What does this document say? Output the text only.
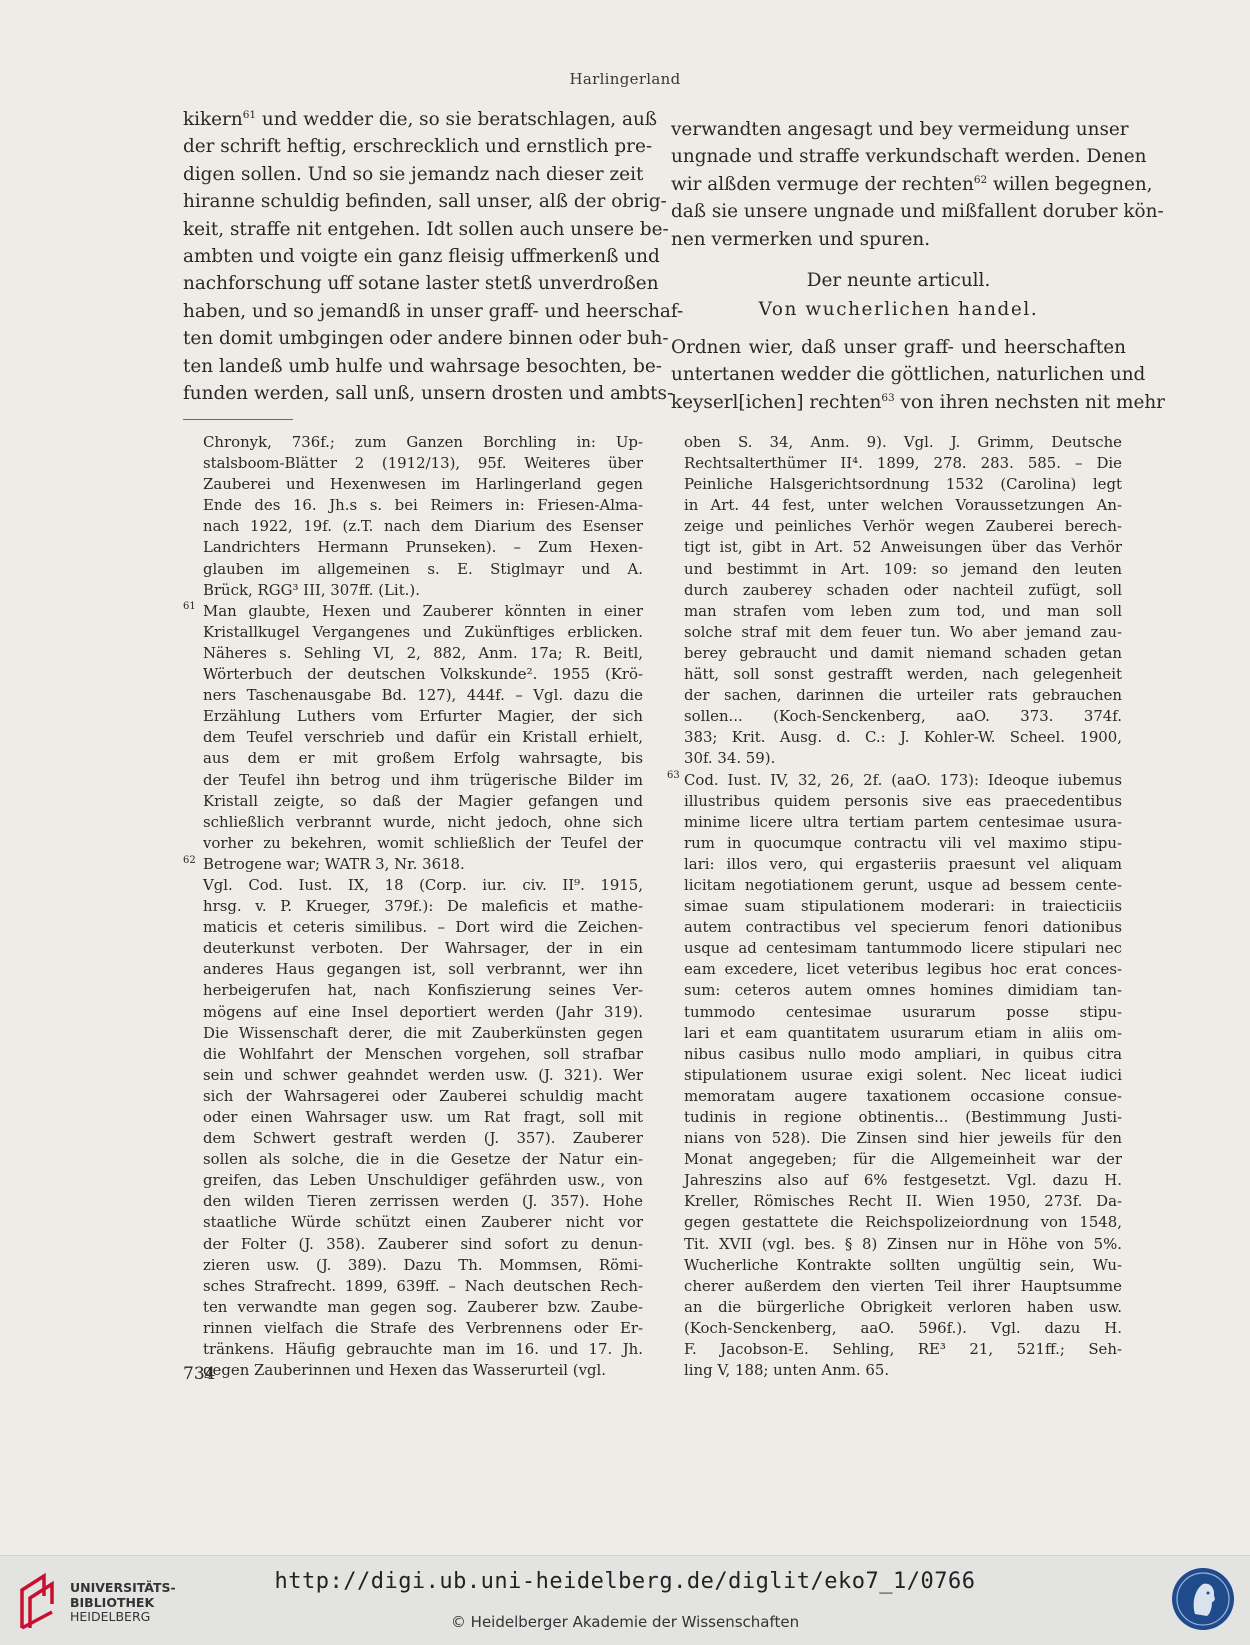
Harlingerland
kikern$^{61}$ und wedder die, so sie beratschlagen, auß
der schrift heftig, erschrecklich und ernstlich pre-
digen sollen. Und so sie jemandz nach dieser zeit
hiranne schuldig befinden, sall unser, alß der obrig-
keit, straffe nit entgehen. Idt sollen auch unsere be-
ambten und voigte ein ganz fleisig uffmerkenß und
nachforschung uff sotane laster stetß unverdroßen
haben, und so jemandß in unser graff- und heerschaf-
ten domit umbgingen oder andere binnen oder buh-
ten landeß umb hulfe und wahrsage besochten, be-
funden werden, sall unß, unsern drosten und ambts-
verwandten angesagt und bey vermeidung unser
ungnade und straffe verkundschaft werden. Denen
wir alßden vermuge der rechten$^{62}$ willen begegnen,
daß sie unsere ungnade und mißfallent doruber kön-
nen vermerken und spuren.
Der neunte articull.
Von wucherlichen handel.
Ordnen wier, daß unser graff- und heerschaften
untertanen wedder die göttlichen, naturlichen und
keyserl[ichen] rechten$^{63}$ von ihren nechsten nit mehr
Chronyk, 736f.; zum Ganzen Borchling in: Up-
stalsboom-Blätter 2 (1912/13), 95f. Weiteres über
Zauberei und Hexenwesen im Harlingerland gegen
Ende des 16. Jh.s s. bei Reimers in: Friesen-Alma-
nach 1922, 19f. (z.T. nach dem Diarium des Esenser
Landrichters Hermann Prunseken). – Zum Hexen-
glauben im allgemeinen s. E. Stiglmayr und A.
Brück, RGG³ III, 307ff. (Lit.).
Man glaubte, Hexen und Zauberer könnten in einer
Kristallkugel Vergangenes und Zukünftiges erblicken.
Näheres s. Sehling VI, 2, 882, Anm. 17a; R. Beitl,
Wörterbuch der deutschen Volkskunde². 1955 (Krö-
ners Taschenausgabe Bd. 127), 444f. – Vgl. dazu die
Erzählung Luthers vom Erfurter Magier, der sich
dem Teufel verschrieb und dafür ein Kristall erhielt,
aus dem er mit großem Erfolg wahrsagte, bis
der Teufel ihn betrog und ihm trügerische Bilder im
Kristall zeigte, so daß der Magier gefangen und
schließlich verbrannt wurde, nicht jedoch, ohne sich
vorher zu bekehren, womit schließlich der Teufel der
Betrogene war; WATR 3, Nr. 3618.
Vgl. Cod. Iust. IX, 18 (Corp. iur. civ. II⁹. 1915,
hrsg. v. P. Krueger, 379f.): De maleficis et mathe-
maticis et ceteris similibus. – Dort wird die Zeichen-
deuterkunst verboten. Der Wahrsager, der in ein
anderes Haus gegangen ist, soll verbrannt, wer ihn
herbeigerufen hat, nach Konfiszierung seines Ver-
mögens auf eine Insel deportiert werden (Jahr 319).
Die Wissenschaft derer, die mit Zauberkünsten gegen
die Wohlfahrt der Menschen vorgehen, soll strafbar
sein und schwer geahndet werden usw. (J. 321). Wer
sich der Wahrsagerei oder Zauberei schuldig macht
oder einen Wahrsager usw. um Rat fragt, soll mit
dem Schwert gestraft werden (J. 357). Zauberer
sollen als solche, die in die Gesetze der Natur ein-
greifen, das Leben Unschuldiger gefährden usw., von
den wilden Tieren zerrissen werden (J. 357). Hohe
staatliche Würde schützt einen Zauberer nicht vor
der Folter (J. 358). Zauberer sind sofort zu denun-
zieren usw. (J. 389). Dazu Th. Mommsen, Römi-
sches Strafrecht. 1899, 639ff. – Nach deutschen Rech-
ten verwandte man gegen sog. Zauberer bzw. Zaube-
rinnen vielfach die Strafe des Verbrennens oder Er-
tränkens. Häufig gebrauchte man im 16. und 17. Jh.
gegen Zauberinnen und Hexen das Wasserurteil (vgl.
oben S. 34, Anm. 9). Vgl. J. Grimm, Deutsche
Rechtsalterthümer II⁴. 1899, 278. 283. 585. – Die
Peinliche Halsgerichtsordnung 1532 (Carolina) legt
in Art. 44 fest, unter welchen Voraussetzungen An-
zeige und peinliches Verhör wegen Zauberei berech-
tigt ist, gibt in Art. 52 Anweisungen über das Verhör
und bestimmt in Art. 109: so jemand den leuten
durch zauberey schaden oder nachteil zufügt, soll
man strafen vom leben zum tod, und man soll
solche straf mit dem feuer tun. Wo aber jemand zau-
berey gebraucht und damit niemand schaden getan
hätt, soll sonst gestrafft werden, nach gelegenheit
der sachen, darinnen die urteiler rats gebrauchen
sollen... (Koch-Senckenberg, aaO. 373. 374f.
383; Krit. Ausg. d. C.: J. Kohler-W. Scheel. 1900,
30f. 34. 59).
Cod. Iust. IV, 32, 26, 2f. (aaO. 173): Ideoque iubemus
illustribus quidem personis sive eas praecedentibus
minime licere ultra tertiam partem centesimae usura-
rum in quocumque contractu vili vel maximo stipu-
lari: illos vero, qui ergasteriis praesunt vel aliquam
licitam negotiationem gerunt, usque ad bessem cente-
simae suam stipulationem moderari: in traiecticiis
autem contractibus vel specierum fenori dationibus
usque ad centesimam tantummodo licere stipulari nec
eam excedere, licet veteribus legibus hoc erat conces-
sum: ceteros autem omnes homines dimidiam tan-
tummodo centesimae usurarum posse stipu-
lari et eam quantitatem usurarum etiam in aliis om-
nibus casibus nullo modo ampliari, in quibus citra
stipulationem usurae exigi solent. Nec liceat iudici
memoratam augere taxationem occasione consue-
tudinis in regione obtinentis... (Bestimmung Justi-
nians von 528). Die Zinsen sind hier jeweils für den
Monat angegeben; für die Allgemeinheit war der
Jahreszins also auf 6% festgesetzt. Vgl. dazu H.
Kreller, Römisches Recht II. Wien 1950, 273f. Da-
gegen gestattete die Reichspolizeiordnung von 1548,
Tit. XVII (vgl. bes. § 8) Zinsen nur in Höhe von 5%.
Wucherliche Kontrakte sollten ungültig sein, Wu-
cherer außerdem den vierten Teil ihrer Hauptsumme
an die bürgerliche Obrigkeit verloren haben usw.
(Koch-Senckenberg, aaO. 596f.). Vgl. dazu H.
F. Jacobson-E. Sehling, RE³ 21, 521ff.; Seh-
ling V, 188; unten Anm. 65.
61
62
63
734
UNIVERSITÄTS-
BIBLIOTHEK
HEIDELBERG
http://digi.ub.uni-heidelberg.de/diglit/eko7_1/0766
© Heidelberger Akademie der Wissenschaften
